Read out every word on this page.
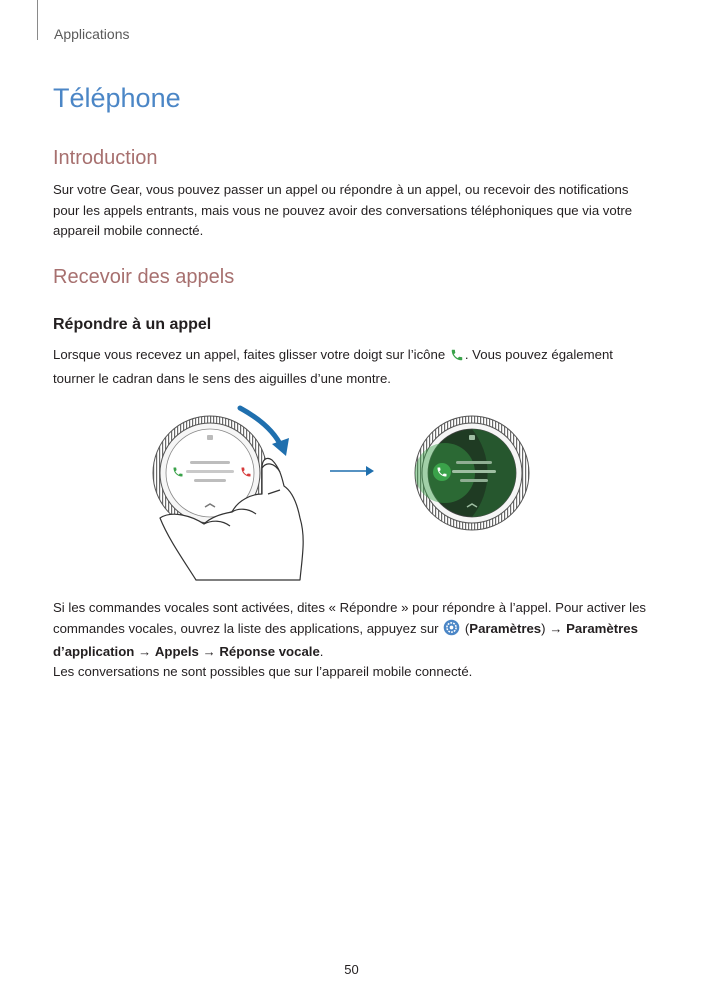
Applications
Téléphone
Introduction

Sur votre Gear, vous pouvez passer un appel ou répondre à un appel, ou recevoir des notifications pour les appels entrants, mais vous ne pouvez avoir des conversations téléphoniques que via votre appareil mobile connecté.

Recevoir des appels
Répondre à un appel

Lorsque vous recevez un appel, faites glisser votre doigt sur l’icône . Vous pouvez également tourner le cadran dans le sens des aiguilles d’une montre.

Si les commandes vocales sont activées, dites « Répondre » pour répondre à l’appel. Pour activer les commandes vocales, ouvrez la liste des applications, appuyez sur  (Paramètres) → Paramètres d’application → Appels → Réponse vocale.

Les conversations ne sont possibles que sur l’appareil mobile connecté.

50
